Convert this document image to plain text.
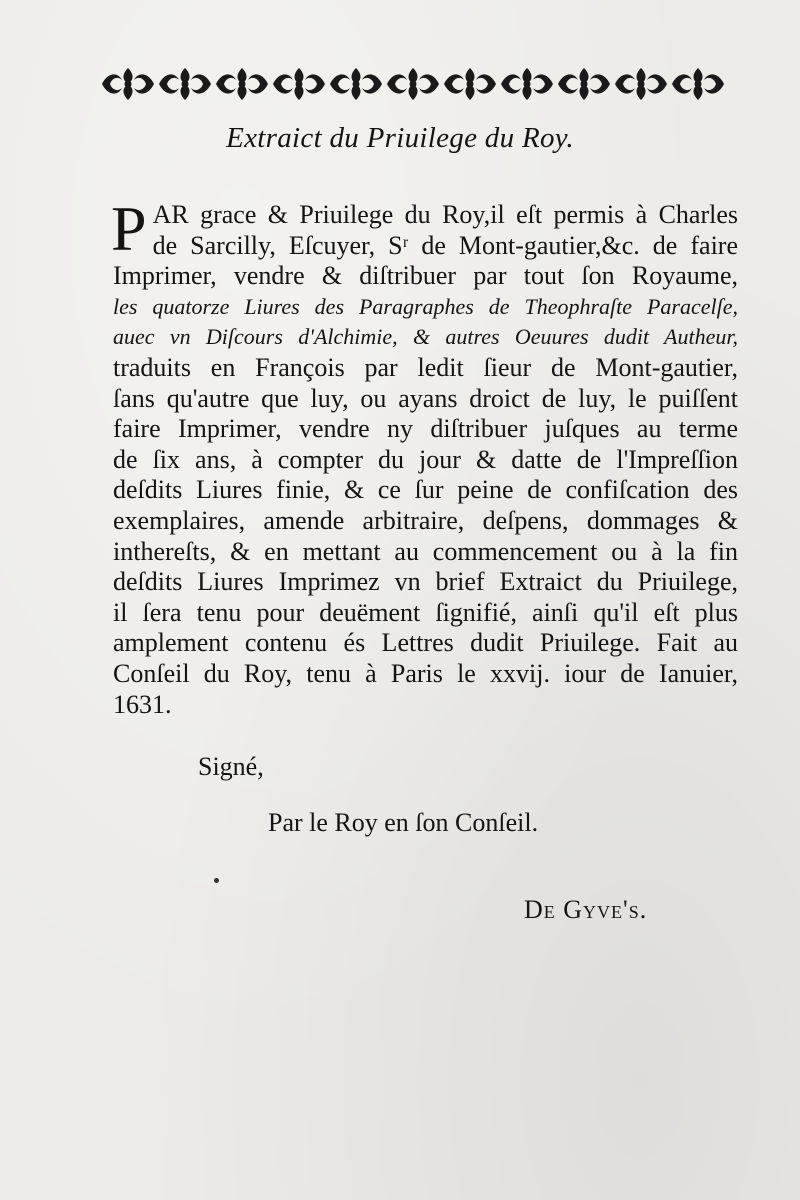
Extraict du Priuilege du Roy.
P AR grace & Priuilege du Roy,il eſt permis à Charles
de Sarcilly, Eſcuyer, Sʳ de Mont-gautier,&c. de faire
Imprimer, vendre & diſtribuer par tout ſon Royaume,
les quatorze Liures des Paragraphes de Theophraſte Paracelſe,
auec vn Diſcours d'Alchimie, & autres Oeuures dudit Autheur,
traduits en François par ledit ſieur de Mont-gautier,
ſans qu'autre que luy, ou ayans droict de luy, le puiſſent
faire Imprimer, vendre ny diſtribuer juſques au terme
de ſix ans, à compter du jour & datte de l'Impreſſion
deſdits Liures finie, & ce ſur peine de confiſcation des
exemplaires, amende arbitraire, deſpens, dommages &
intherеſts, & en mettant au commencement ou à la fin
deſdits Liures Imprimez vn brief Extraict du Priuilege,
il ſera tenu pour deuëment ſignifié, ainſi qu'il eſt plus
amplement contenu és Lettres dudit Priuilege. Fait au
Conſeil du Roy, tenu à Paris le xxvij. iour de Ianuier,
1631.
Signé,
Par le Roy en ſon Conſeil.
De Gyve's.
